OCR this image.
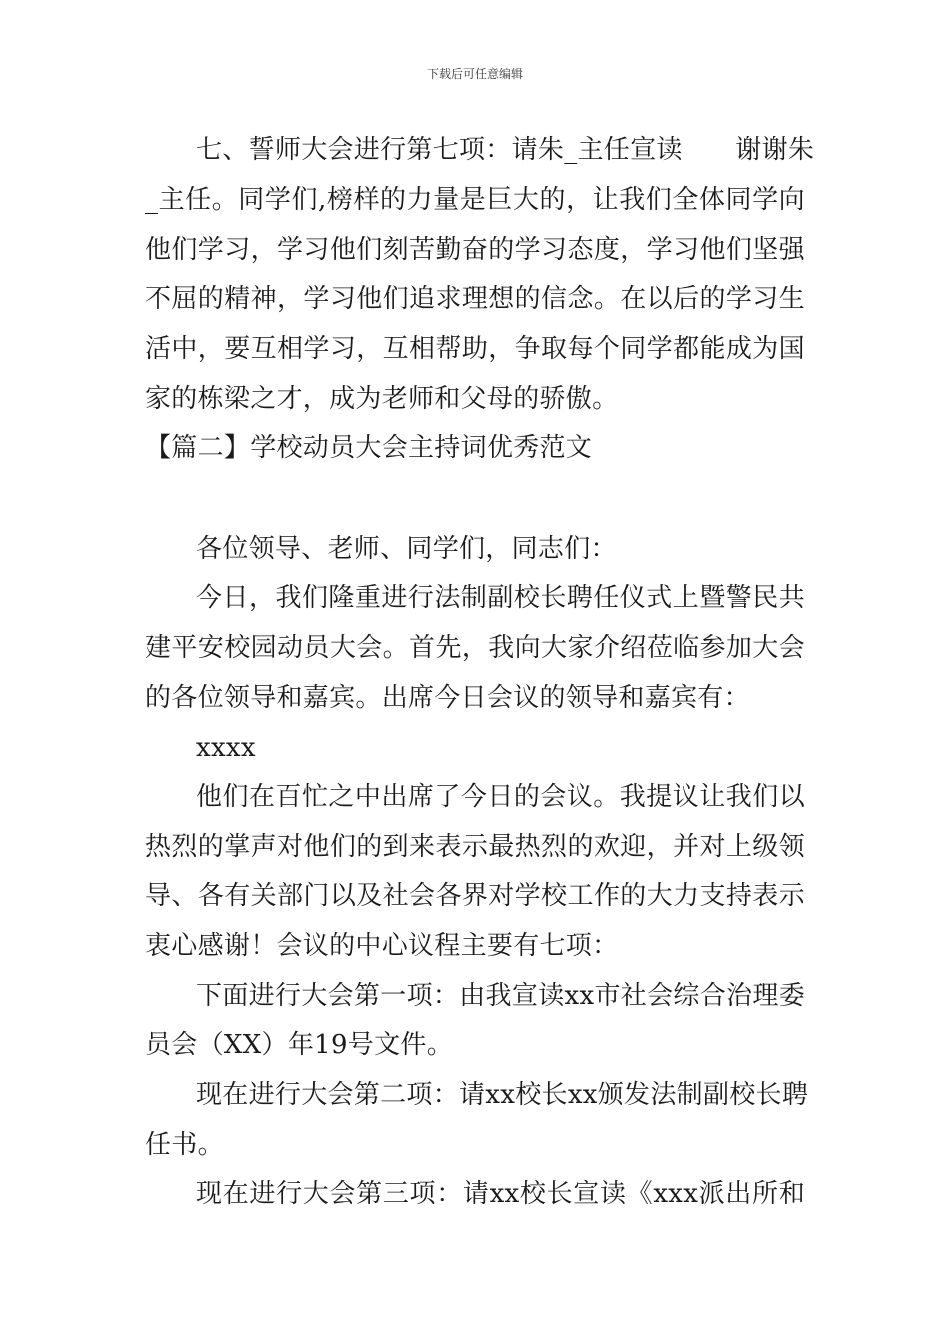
下载后可任意编辑
七、誓师大会进行第七项：请朱_主任宣读　　谢谢朱
_主任。同学们,榜样的力量是巨大的，让我们全体同学向
他们学习，学习他们刻苦勤奋的学习态度，学习他们坚强
不屈的精神，学习他们追求理想的信念。在以后的学习生
活中，要互相学习，互相帮助，争取每个同学都能成为国
家的栋梁之才，成为老师和父母的骄傲。
【篇二】学校动员大会主持词优秀范文
各位领导、老师、同学们，同志们：
今日，我们隆重进行法制副校长聘任仪式上暨警民共
建平安校园动员大会。首先，我向大家介绍莅临参加大会
的各位领导和嘉宾。出席今日会议的领导和嘉宾有：
xxxx
他们在百忙之中出席了今日的会议。我提议让我们以
热烈的掌声对他们的到来表示最热烈的欢迎，并对上级领
导、各有关部门以及社会各界对学校工作的大力支持表示
衷心感谢！会议的中心议程主要有七项：
下面进行大会第一项：由我宣读xx市社会综合治理委
员会（XX）年19号文件。
现在进行大会第二项：请xx校长xx颁发法制副校长聘
任书。
现在进行大会第三项：请xx校长宣读《xxx派出所和
